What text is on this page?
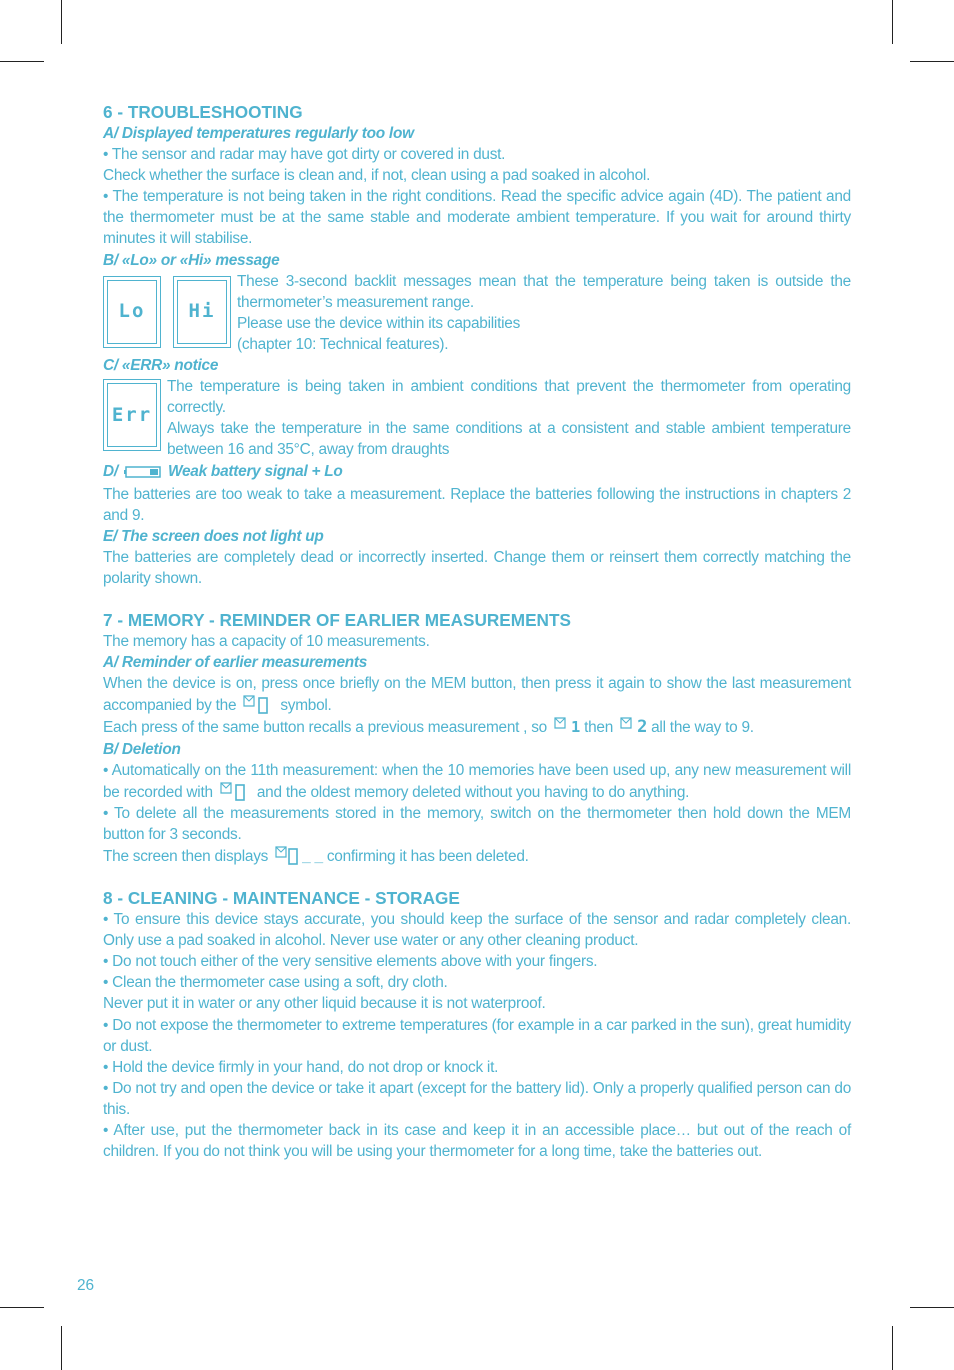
6 - TROUBLESHOOTING

A/ Displayed temperatures regularly too low

• The sensor and radar may have got dirty or covered in dust.

Check whether the surface is clean and, if not, clean using a pad soaked in alcohol.

• The temperature is not being taken in the right conditions. Read the specific advice again (4D). The patient and the thermometer must be at the same stable and moderate ambient temperature. If you wait for around thirty minutes it will stabilise.

B/ «Lo» or «Hi» message

Lo	Hi

These 3-second backlit messages mean that the temperature being taken is outside the thermometer’s measurement range.

Please use the device within its capabilities

(chapter 10: Technical features).

C/ «ERR» notice

Err

The temperature is being taken in ambient conditions that prevent the thermometer from operating correctly.

Always take the temperature in the same conditions at a consistent and stable ambient temperature between 16 and 35°C, away from draughts

D/	Weak battery signal + Lo

The batteries are too weak to take a measurement. Replace the batteries following the instructions in chapters 2 and 9.

E/ The screen does not light up

The batteries are completely dead or incorrectly inserted. Change them or reinsert them correctly matching the polarity shown.

7 - MEMORY - REMINDER OF EARLIER MEASUREMENTS

The memory has a capacity of 10 measurements.

A/ Reminder of earlier measurements

When the device is on, press once briefly on the MEM button, then press it again to show the last measurement accompanied by the	symbol.

Each press of the same button recalls a previous measurement , so 1 then 2 all the way to 9.

B/ Deletion

• Automatically on the 11th measurement: when the 10 memories have been used up, any new measurement will be recorded with	and the oldest memory deleted without you having to do anything.

• To delete all the measurements stored in the memory, switch on the thermometer then hold down the MEM button for 3 seconds.

The screen then displays _ _ confirming it has been deleted.

8 - CLEANING - MAINTENANCE - STORAGE

• To ensure this device stays accurate, you should keep the surface of the sensor and radar completely clean. Only use a pad soaked in alcohol. Never use water or any other cleaning product.

• Do not touch either of the very sensitive elements above with your fingers.

• Clean the thermometer case using a soft, dry cloth.

Never put it in water or any other liquid because it is not waterproof.

• Do not expose the thermometer to extreme temperatures (for example in a car parked in the sun), great humidity or dust.

• Hold the device firmly in your hand, do not drop or knock it.

• Do not try and open the device or take it apart (except for the battery lid). Only a properly qualified person can do this.

• After use, put the thermometer back in its case and keep it in an accessible place… but out of the reach of children. If you do not think you will be using your thermometer for a long time, take the batteries out.

26
